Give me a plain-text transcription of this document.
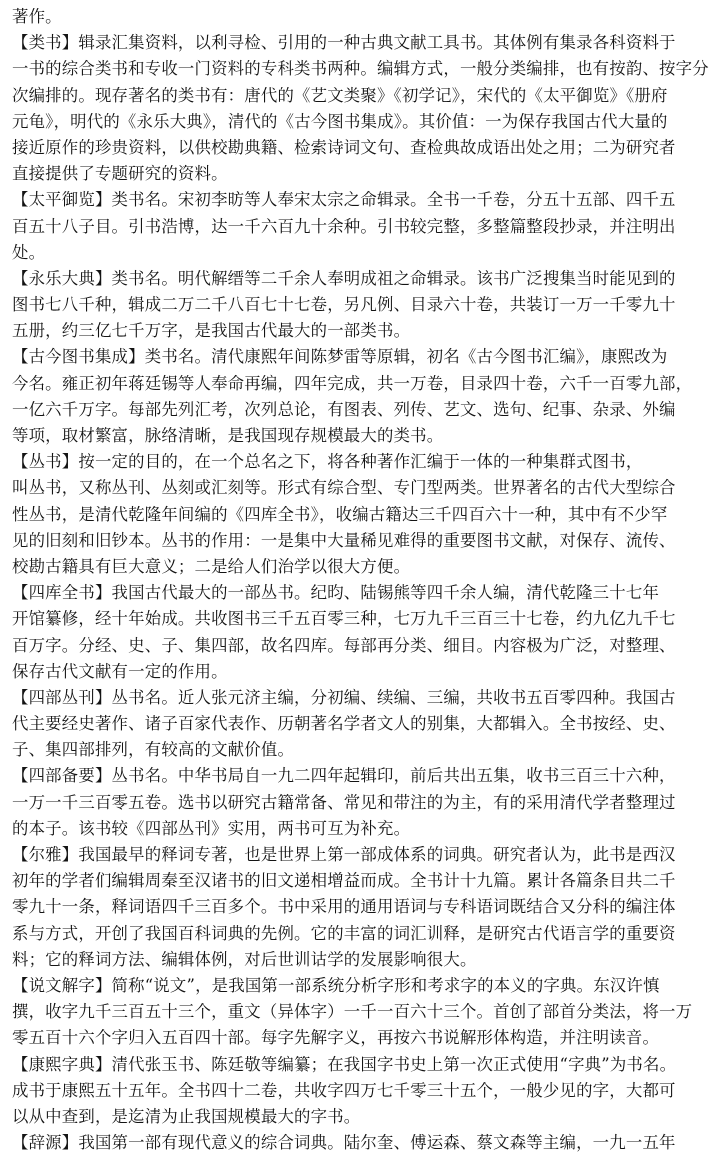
著作。
【类书】辑录汇集资料，以利寻检、引用的一种古典文献工具书。其体例有集录各科资料于
一书的综合类书和专收一门资料的专科类书两种。编辑方式，一般分类编排，也有按韵、按字分
次编排的。现存著名的类书有：唐代的《艺文类聚》《初学记》，宋代的《太平御览》《册府
元龟》，明代的《永乐大典》，清代的《古今图书集成》。其价值：一为保存我国古代大量的
接近原作的珍贵资料，以供校勘典籍、检索诗词文句、查检典故成语出处之用；二为研究者
直接提供了专题研究的资料。
【太平御览】类书名。宋初李昉等人奉宋太宗之命辑录。全书一千卷，分五十五部、四千五
百五十八子目。引书浩博，达一千六百九十余种。引书较完整，多整篇整段抄录，并注明出
处。
【永乐大典】类书名。明代解缙等二千余人奉明成祖之命辑录。该书广泛搜集当时能见到的
图书七八千种，辑成二万二千八百七十七卷，另凡例、目录六十卷，共装订一万一千零九十
五册，约三亿七千万字，是我国古代最大的一部类书。
【古今图书集成】类书名。清代康熙年间陈梦雷等原辑，初名《古今图书汇编》，康熙改为
今名。雍正初年蒋廷锡等人奉命再编，四年完成，共一万卷，目录四十卷，六千一百零九部，
一亿六千万字。每部先列汇考，次列总论，有图表、列传、艺文、选句、纪事、杂录、外编
等项，取材繁富，脉络清晰，是我国现存规模最大的类书。
【丛书】按一定的目的，在一个总名之下，将各种著作汇编于一体的一种集群式图书，
叫丛书，又称丛刊、丛刻或汇刻等。形式有综合型、专门型两类。世界著名的古代大型综合
性丛书，是清代乾隆年间编的《四库全书》，收编古籍达三千四百六十一种，其中有不少罕
见的旧刻和旧钞本。丛书的作用：一是集中大量稀见难得的重要图书文献，对保存、流传、
校勘古籍具有巨大意义；二是给人们治学以很大方便。
【四库全书】我国古代最大的一部丛书。纪昀、陆锡熊等四千余人编，清代乾隆三十七年
开馆纂修，经十年始成。共收图书三千五百零三种，七万九千三百三十七卷，约九亿九千七
百万字。分经、史、子、集四部，故名四库。每部再分类、细目。内容极为广泛，对整理、
保存古代文献有一定的作用。
【四部丛刊】丛书名。近人张元济主编，分初编、续编、三编，共收书五百零四种。我国古
代主要经史著作、诸子百家代表作、历朝著名学者文人的别集，大都辑入。全书按经、史、
子、集四部排列，有较高的文献价值。
【四部备要】丛书名。中华书局自一九二四年起辑印，前后共出五集，收书三百三十六种，
一万一千三百零五卷。选书以研究古籍常备、常见和带注的为主，有的采用清代学者整理过
的本子。该书较《四部丛刊》实用，两书可互为补充。
【尔雅】我国最早的释词专著，也是世界上第一部成体系的词典。研究者认为，此书是西汉
初年的学者们编辑周秦至汉诸书的旧文递相增益而成。全书计十九篇。累计各篇条目共二千
零九十一条，释词语四千三百多个。书中采用的通用语词与专科语词既结合又分科的编注体
系与方式，开创了我国百科词典的先例。它的丰富的词汇训释，是研究古代语言学的重要资
料；它的释词方法、编辑体例，对后世训诂学的发展影响很大。
【说文解字】简称“说文”，是我国第一部系统分析字形和考求字的本义的字典。东汉许慎
撰，收字九千三百五十三个，重文（异体字）一千一百六十三个。首创了部首分类法，将一万
零五百十六个字归入五百四十部。每字先解字义，再按六书说解形体构造，并注明读音。
【康熙字典】清代张玉书、陈廷敬等编纂；在我国字书史上第一次正式使用“字典”为书名。
成书于康熙五十五年。全书四十二卷，共收字四万七千零三十五个，一般少见的字，大都可
以从中查到，是迄清为止我国规模最大的字书。
【辞源】我国第一部有现代意义的综合词典。陆尔奎、傅运森、蔡文森等主编，一九一五年
